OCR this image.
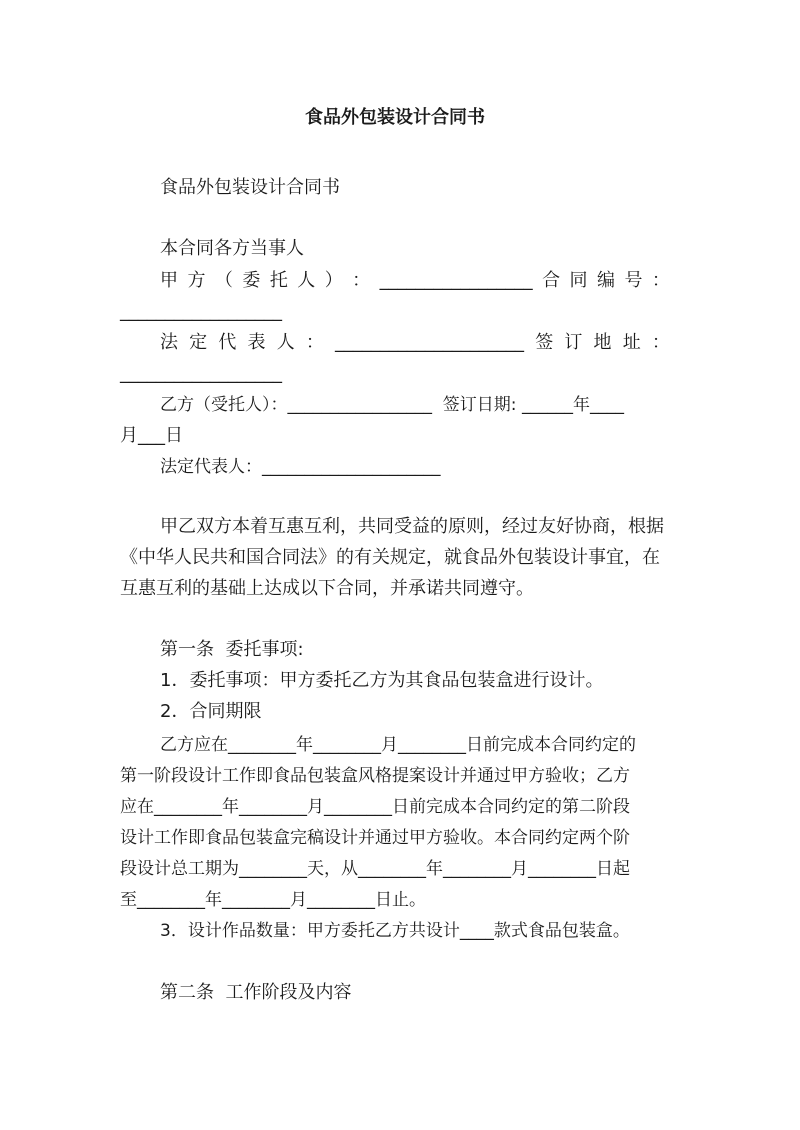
食品外包装设计合同书

食品外包装设计合同书

本合同各方当事人

甲 方 （ 委 托 人 ） ： _________________ 合 同 编 号 ：

__________________

法 定 代 表 人 ： _____________________ 签 订 地 址 ：

__________________

乙方（受托人）：_________________  签订日期: ______年____

月___日

法定代表人：_____________________

甲乙双方本着互惠互利，共同受益的原则，经过友好协商，根据

《中华人民共和国合同法》的有关规定，就食品外包装设计事宜，在

互惠互利的基础上达成以下合同，并承诺共同遵守。

第一条  委托事项:

1．委托事项：甲方委托乙方为其食品包装盒进行设计。

2．合同期限

乙方应在________年________月________日前完成本合同约定的

第一阶段设计工作即食品包装盒风格提案设计并通过甲方验收；乙方

应在________年________月________日前完成本合同约定的第二阶段

设计工作即食品包装盒完稿设计并通过甲方验收。本合同约定两个阶

段设计总工期为________天，从________年________月________日起

至________年________月________日止。

3．设计作品数量：甲方委托乙方共设计____款式食品包装盒。

第二条  工作阶段及内容
